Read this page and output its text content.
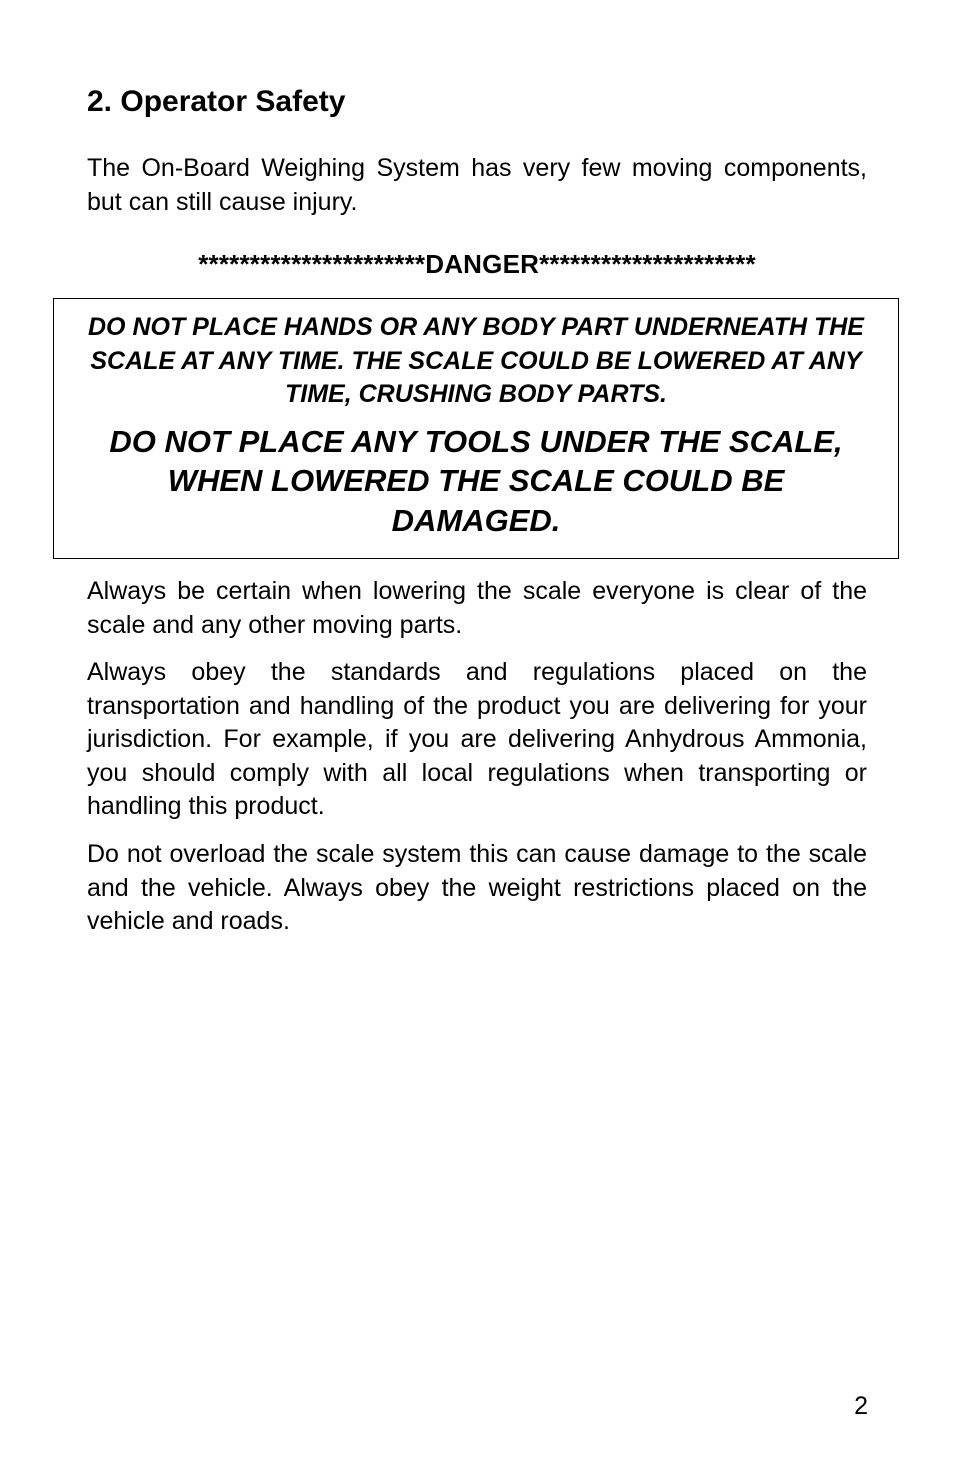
2. Operator Safety

The On-Board Weighing System has very few moving components, but can still cause injury.

**********************DANGER*********************
DO NOT PLACE HANDS OR ANY BODY PART UNDERNEATH THE SCALE AT ANY TIME. THE SCALE COULD BE LOWERED AT ANY TIME, CRUSHING BODY PARTS.
DO NOT PLACE ANY TOOLS UNDER THE SCALE, WHEN LOWERED THE SCALE COULD BE DAMAGED.

Always be certain when lowering the scale everyone is clear of the scale and any other moving parts.

Always obey the standards and regulations placed on the transportation and handling of the product you are delivering for your jurisdiction. For example, if you are delivering Anhydrous Ammonia, you should comply with all local regulations when transporting or handling this product.

Do not overload the scale system this can cause damage to the scale and the vehicle. Always obey the weight restrictions placed on the vehicle and roads.

2
